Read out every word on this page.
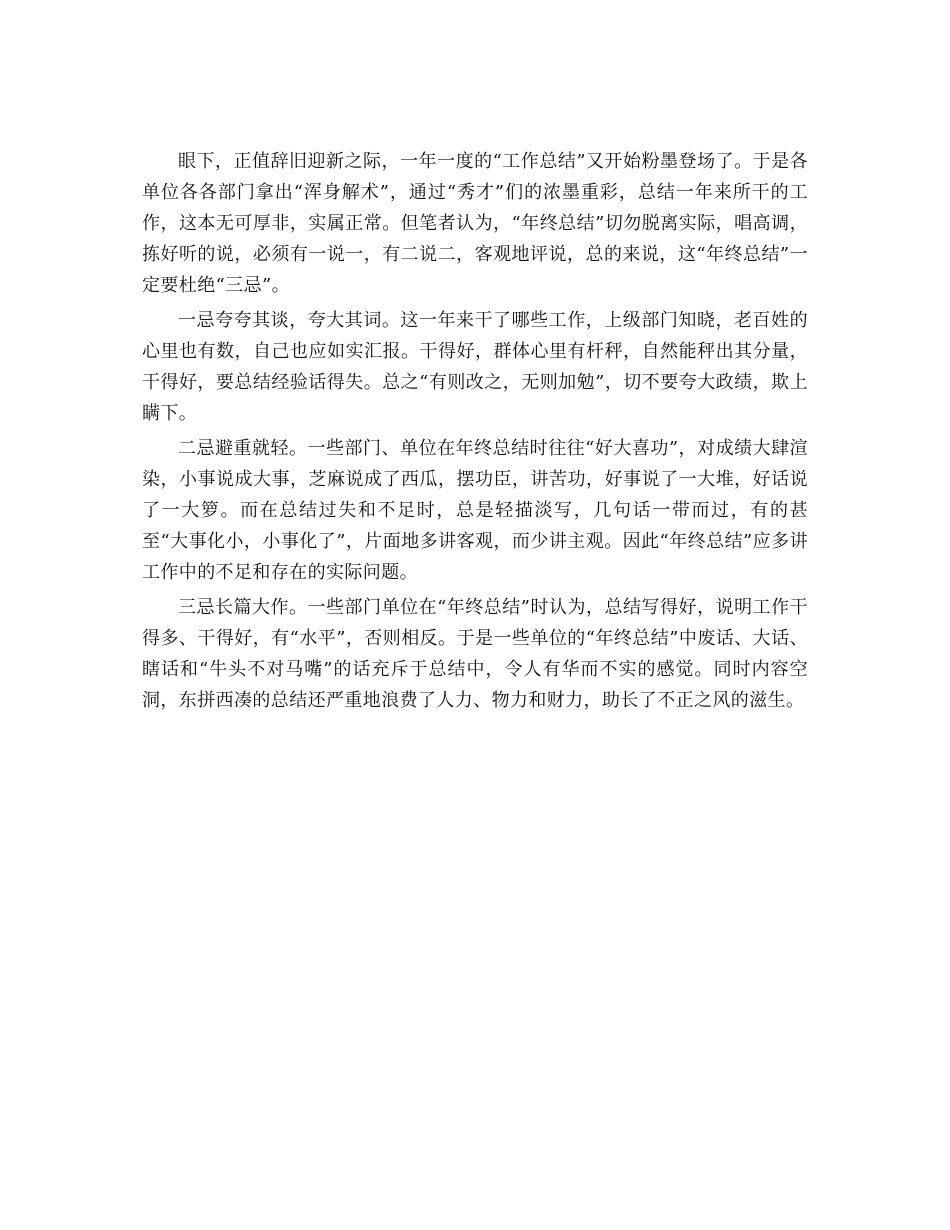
眼下，正值辞旧迎新之际，一年一度的“工作总结”又开始粉墨登场了。于是各单位各各部门拿出“浑身解术”，通过“秀才”们的浓墨重彩，总结一年来所干的工作，这本无可厚非，实属正常。但笔者认为，“年终总结”切勿脱离实际，唱高调，拣好听的说，必须有一说一，有二说二，客观地评说，总的来说，这“年终总结”一定要杜绝“三忌”。

一忌夸夸其谈，夸大其词。这一年来干了哪些工作，上级部门知晓，老百姓的心里也有数，自己也应如实汇报。干得好，群体心里有杆秤，自然能秤出其分量，干得好，要总结经验话得失。总之“有则改之，无则加勉”，切不要夸大政绩，欺上瞒下。

二忌避重就轻。一些部门、单位在年终总结时往往“好大喜功”，对成绩大肆渲染，小事说成大事，芝麻说成了西瓜，摆功臣，讲苦功，好事说了一大堆，好话说了一大箩。而在总结过失和不足时，总是轻描淡写，几句话一带而过，有的甚至“大事化小，小事化了”，片面地多讲客观，而少讲主观。因此“年终总结”应多讲工作中的不足和存在的实际问题。

三忌长篇大作。一些部门单位在“年终总结”时认为，总结写得好，说明工作干得多、干得好，有“水平”，否则相反。于是一些单位的“年终总结”中废话、大话、瞎话和“牛头不对马嘴”的话充斥于总结中，令人有华而不实的感觉。同时内容空洞，东拼西凑的总结还严重地浪费了人力、物力和财力，助长了不正之风的滋生。
